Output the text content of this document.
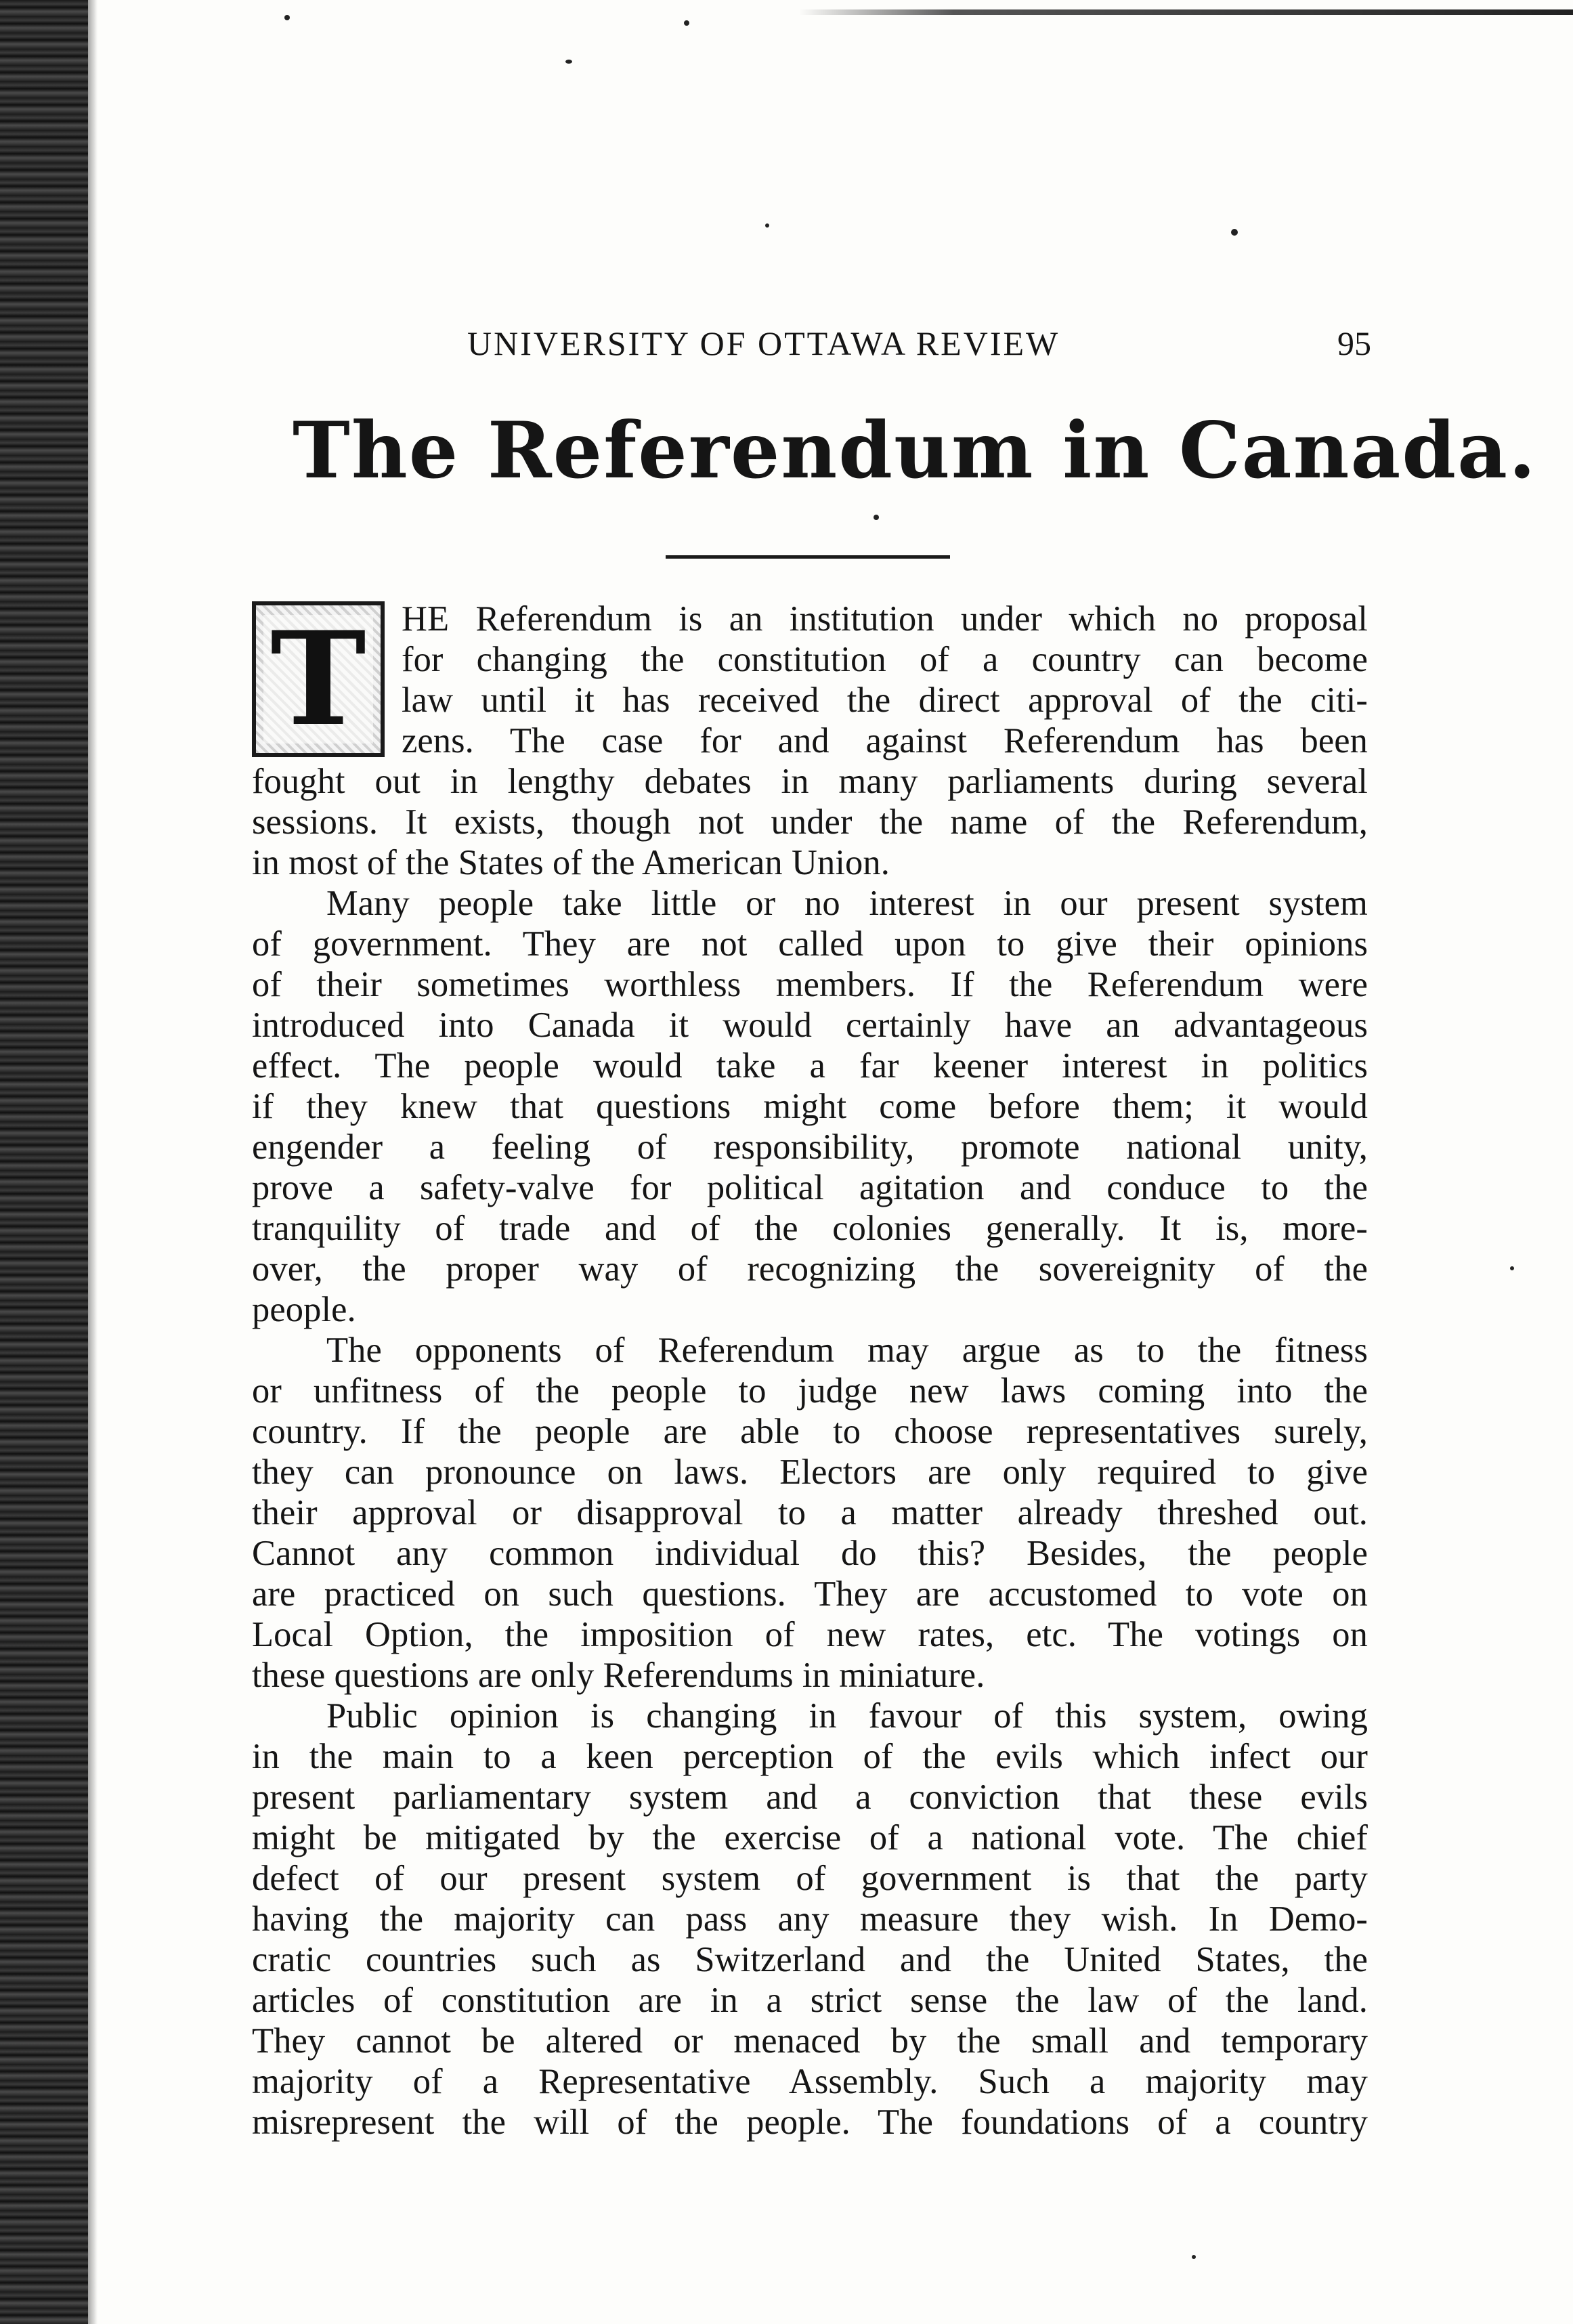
UNIVERSITY OF OTTAWA REVIEW	95
The Referendum in Canada.
T HE Referendum is an institution under which no proposal
for changing the constitution of a country can become
law until it has received the direct approval of the citi-
zens. The case for and against Referendum has been
fought out in lengthy debates in many parliaments during several
sessions. It exists, though not under the name of the Referendum,
in most of the States of the American Union.
Many people take little or no interest in our present system
of government. They are not called upon to give their opinions
of their sometimes worthless members. If the Referendum were
introduced into Canada it would certainly have an advantageous
effect. The people would take a far keener interest in politics
if they knew that questions might come before them; it would
engender a feeling of responsibility, promote national unity,
prove a safety-valve for political agitation and conduce to the
tranquility of trade and of the colonies generally. It is, more-
over, the proper way of recognizing the sovereignity of the
people.
The opponents of Referendum may argue as to the fitness
or unfitness of the people to judge new laws coming into the
country. If the people are able to choose representatives surely,
they can pronounce on laws. Electors are only required to give
their approval or disapproval to a matter already threshed out.
Cannot any common individual do this? Besides, the people
are practiced on such questions. They are accustomed to vote on
Local Option, the imposition of new rates, etc. The votings on
these questions are only Referendums in miniature.
Public opinion is changing in favour of this system, owing
in the main to a keen perception of the evils which infect our
present parliamentary system and a conviction that these evils
might be mitigated by the exercise of a national vote. The chief
defect of our present system of government is that the party
having the majority can pass any measure they wish. In Demo-
cratic countries such as Switzerland and the United States, the
articles of constitution are in a strict sense the law of the land.
They cannot be altered or menaced by the small and temporary
majority of a Representative Assembly. Such a majority may
misrepresent the will of the people. The foundations of a country
